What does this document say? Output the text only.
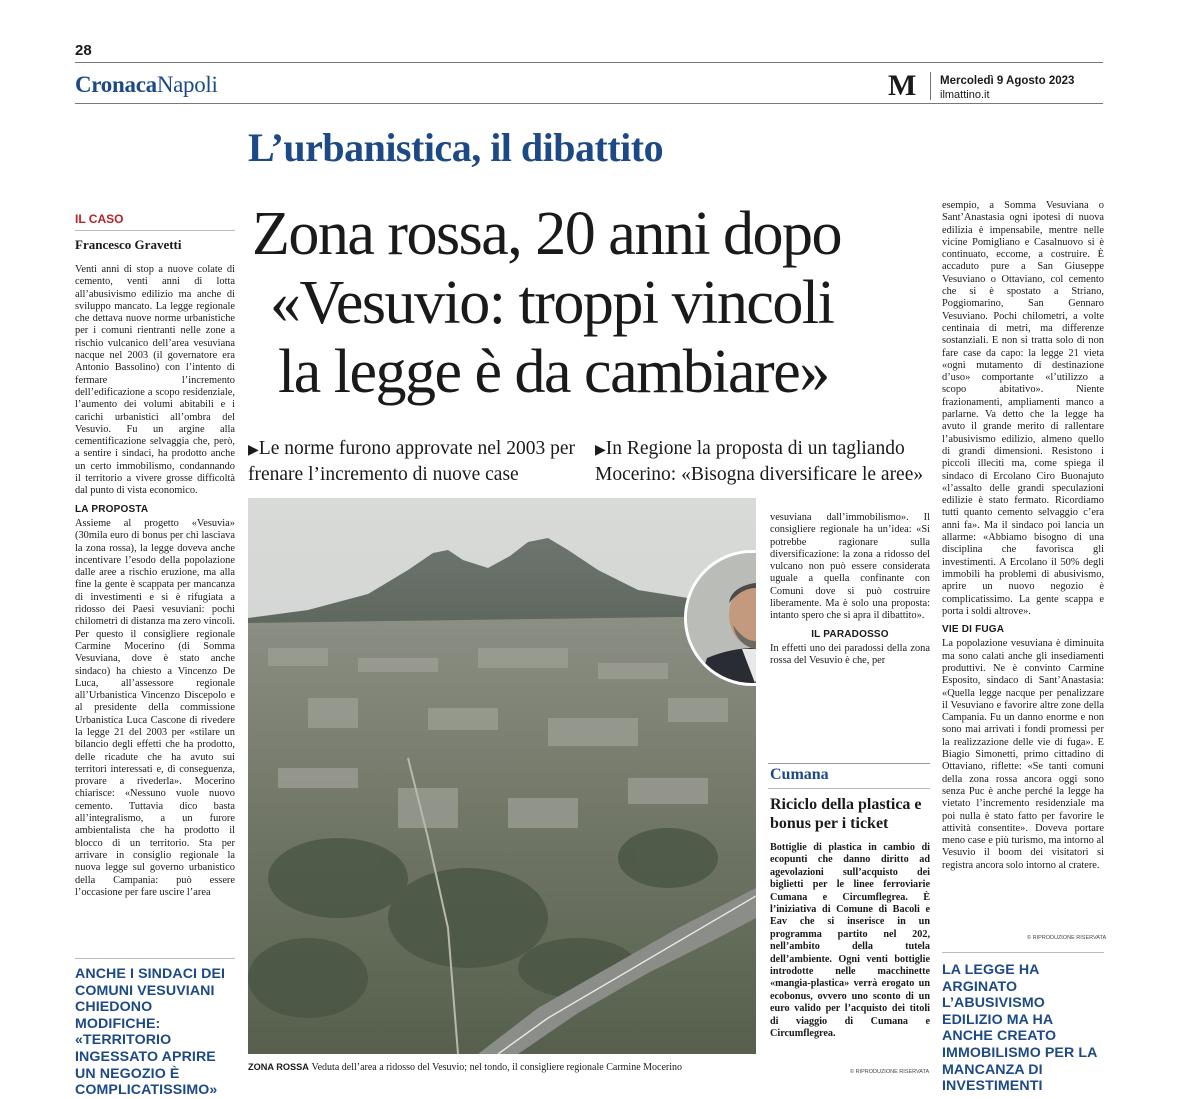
28
CronacaNapoli	M Mercoledì 9 Agosto 2023
ilmattino.it
L’urbanistica, il dibattito
IL CASO
Francesco Gravetti

Venti anni di stop a nuove colate di cemento, venti anni di lotta all’abusivismo edilizio ma anche di sviluppo mancato. La legge regionale che dettava nuove norme urbanistiche per i comuni rientranti nelle zone a rischio vulcanico dell’area vesuviana nacque nel 2003 (il governatore era Antonio Bassolino) con l’intento di fermare l’incremento dell’edificazione a scopo residenziale, l’aumento dei volumi abitabili e i carichi urbanistici all’ombra del Vesuvio. Fu un argine alla cementificazione selvaggia che, però, a sentire i sindaci, ha prodotto anche un certo immobilismo, condannando il territorio a vivere grosse difficoltà dal punto di vista economico.

LA PROPOSTA

Assieme al progetto «Vesuvia» (30mila euro di bonus per chi lasciava la zona rossa), la legge doveva anche incentivare l’esodo della popolazione dalle aree a rischio eruzione, ma alla fine la gente è scappata per mancanza di investimenti e si è rifugiata a ridosso dei Paesi vesuviani: pochi chilometri di distanza ma zero vincoli. Per questo il consigliere regionale Carmine Mocerino (di Somma Vesuviana, dove è stato anche sindaco) ha chiesto a Vincenzo De Luca, all’assessore regionale all’Urbanistica Vincenzo Discepolo e al presidente della commissione Urbanistica Luca Cascone di rivedere la legge 21 del 2003 per «stilare un bilancio degli effetti che ha prodotto, delle ricadute che ha avuto sui territori interessati e, di conseguenza, provare a rivederla». Mocerino chiarisce: «Nessuno vuole nuovo cemento. Tuttavia dico basta all’integralismo, a un furore ambientalista che ha prodotto il blocco di un territorio. Sta per arrivare in consiglio regionale la nuova legge sul governo urbanistico della Campania: può essere l’occasione per fare uscire l’area

ANCHE I SINDACI DEI COMUNI VESUVIANI CHIEDONO MODIFICHE: «TERRITORIO INGESSATO APRIRE UN NEGOZIO È COMPLICATISSIMO»
Zona rossa, 20 anni dopo
«Vesuvio: troppi vincoli
la legge è da cambiare»
▶Le norme furono approvate nel 2003 per frenare l’incremento di nuove case
▶In Regione la proposta di un tagliando Mocerino: «Bisogna diversificare le aree»
ZONA ROSSA Veduta dell’area a ridosso del Vesuvio; nel tondo, il consigliere regionale Carmine Mocerino

vesuviana dall’immobilismo». Il consigliere regionale ha un’idea: «Si potrebbe ragionare sulla diversificazione: la zona a ridosso del vulcano non può essere considerata uguale a quella confinante con Comuni dove si può costruire liberamente. Ma è solo una proposta: intanto spero che si apra il dibattito».

IL PARADOSSO

In effetti uno dei paradossi della zona rossa del Vesuvio è che, per

Cumana
Riciclo della plastica e bonus per i ticket
Bottiglie di plastica in cambio di ecopunti che danno diritto ad agevolazioni sull’acquisto dei biglietti per le linee ferroviarie Cumana e Circumflegrea. È l’iniziativa di Comune di Bacoli e Eav che si inserisce in un programma partito nel 202, nell’ambito della tutela dell’ambiente. Ogni venti bottiglie introdotte nelle macchinette «mangia-plastica» verrà erogato un ecobonus, ovvero uno sconto di un euro valido per l’acquisto dei titoli di viaggio di Cumana e Circumflegrea.
© RIPRODUZIONE RISERVATA

esempio, a Somma Vesuviana o Sant’Anastasia ogni ipotesi di nuova edilizia è impensabile, mentre nelle vicine Pomigliano e Casalnuovo si è continuato, eccome, a costruire. È accaduto pure a San Giuseppe Vesuviano o Ottaviano, col cemento che si è spostato a Striano, Poggiomarino, San Gennaro Vesuviano. Pochi chilometri, a volte centinaia di metri, ma differenze sostanziali. E non si tratta solo di non fare case da capo: la legge 21 vieta «ogni mutamento di destinazione d’uso» comportante «l’utilizzo a scopo abitativo». Niente frazionamenti, ampliamenti manco a parlarne. Va detto che la legge ha avuto il grande merito di rallentare l’abusivismo edilizio, almeno quello di grandi dimensioni. Resistono i piccoli illeciti ma, come spiega il sindaco di Ercolano Ciro Buonajuto «l’assalto delle grandi speculazioni edilizie è stato fermato. Ricordiamo tutti quanto cemento selvaggio c’era anni fa». Ma il sindaco poi lancia un allarme: «Abbiamo bisogno di una disciplina che favorisca gli investimenti. A Ercolano il 50% degli immobili ha problemi di abusivismo, aprire un nuovo negozio è complicatissimo. La gente scappa e porta i soldi altrove».

VIE DI FUGA

La popolazione vesuviana è diminuita ma sono calati anche gli insediamenti produttivi. Ne è convinto Carmine Esposito, sindaco di Sant’Anastasia: «Quella legge nacque per penalizzare il Vesuviano e favorire altre zone della Campania. Fu un danno enorme e non sono mai arrivati i fondi promessi per la realizzazione delle vie di fuga». E Biagio Simonetti, primo cittadino di Ottaviano, riflette: «Se tanti comuni della zona rossa ancora oggi sono senza Puc è anche perché la legge ha vietato l’incremento residenziale ma poi nulla è stato fatto per favorire le attività consentite». Doveva portare meno case e più turismo, ma intorno al Vesuvio il boom dei visitatori si registra ancora solo intorno al cratere.

© RIPRODUZIONE RISERVATA
LA LEGGE HA ARGINATO L’ABUSIVISMO EDILIZIO MA HA ANCHE CREATO IMMOBILISMO PER LA MANCANZA DI INVESTIMENTI
